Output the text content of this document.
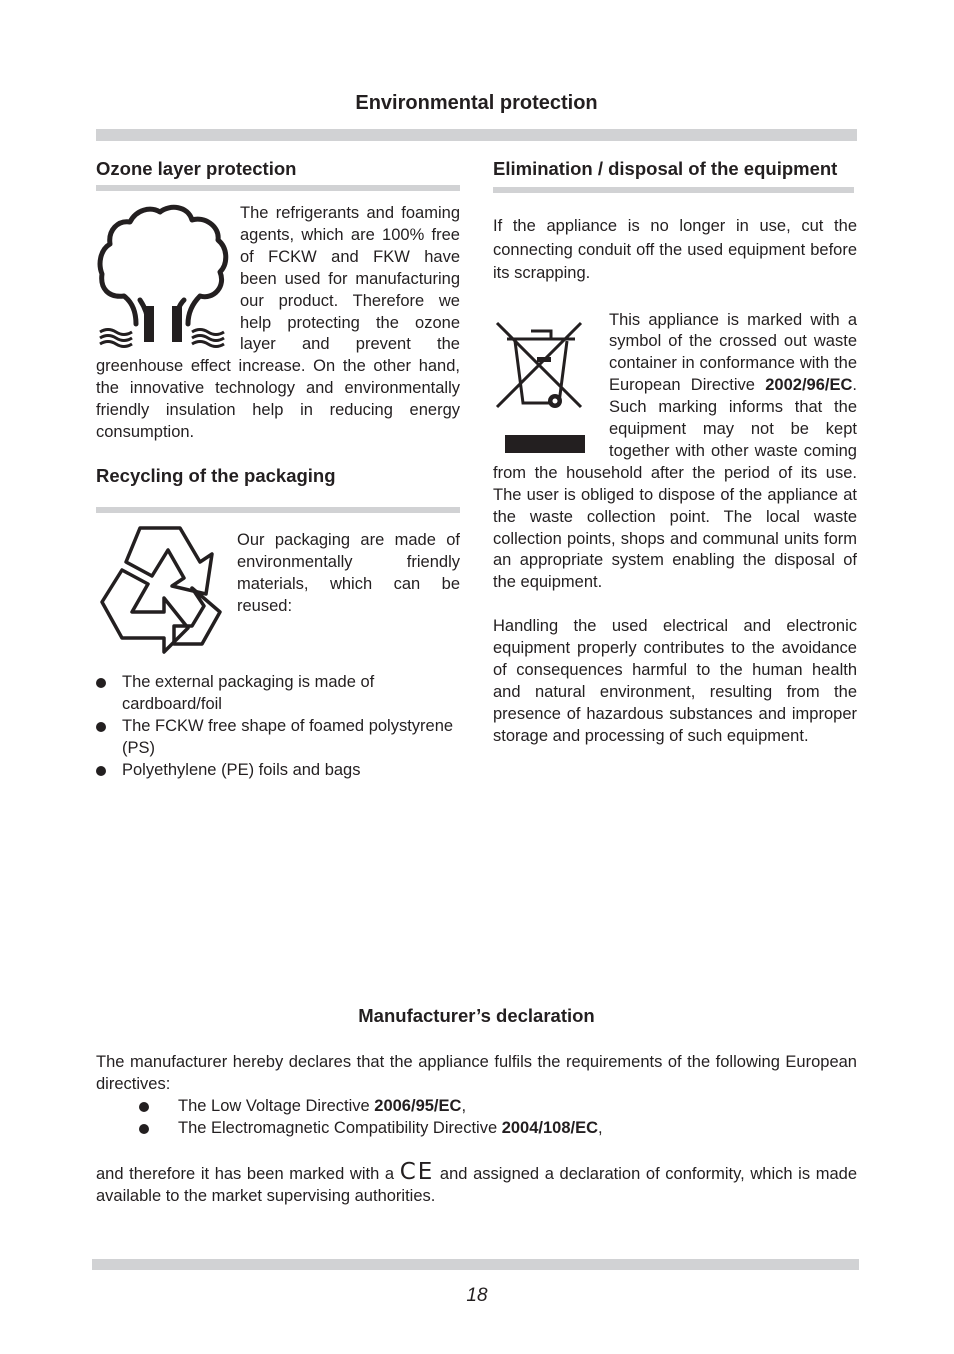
Environmental protection
Ozone layer protection

The refrigerants and foaming agents, which are 100% free of FCKW and FKW have been used for manufacturing our product. Therefore we help protecting the ozone layer and prevent the greenhouse effect increase. On the other hand, the innovative technology and environmentally friendly insulation help in reducing energy consumption.

Recycling of the packaging

Our packaging are made of environmentally friendly materials, which can be reused:

The external packaging is made of cardboard/foil
The FCKW free shape of foamed polystyrene (PS)
Polyethylene (PE) foils and bags
Elimination / disposal of the equipment
If the appliance is no longer in use, cut the connecting conduit off the used equipment before its scrapping.

This appliance is marked with a symbol of the crossed out waste container in conformance with the European Directive 2002/96/EC. Such marking informs that the equipment may not be kept together with other waste coming from the household after the period of its use. The user is obliged to dispose of the appliance at the waste collection point. The local waste collection points, shops and communal units form an appropriate system enabling the disposal of the equipment.

Handling the used electrical and electronic equipment properly contributes to the avoidance of consequences harmful to the human health and natural environment, resulting from the presence of hazardous substances and improper storage and processing of such equipment.
Manufacturer’s declaration
The manufacturer hereby declares that the appliance fulfils the requirements of the following European directives:
The Low Voltage Directive 2006/95/EC,
The Electromagnetic Compatibility Directive 2004/108/EC,
and therefore it has been marked with a CE and assigned a declaration of conformity, which is made available to the market supervising authorities.
18
